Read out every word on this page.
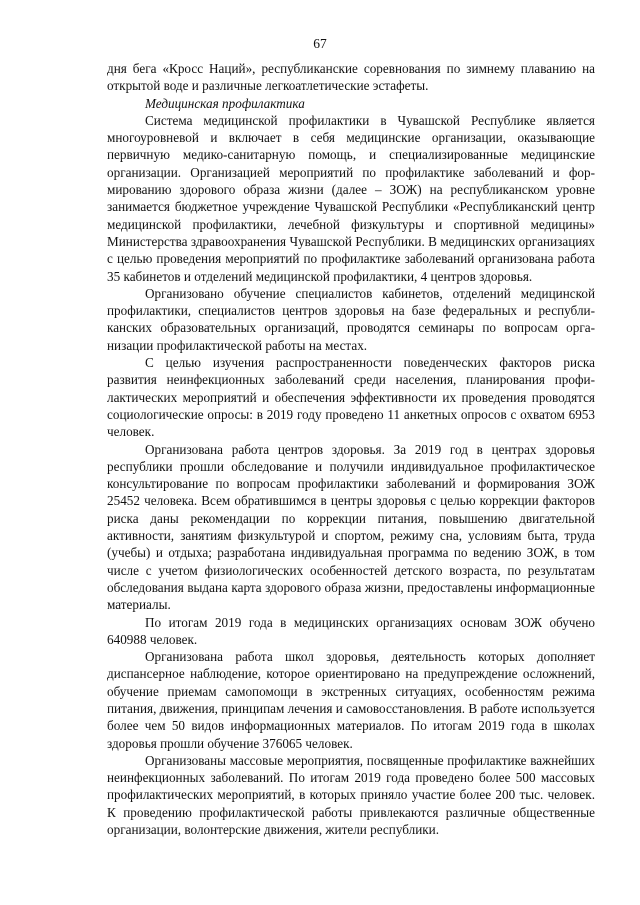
67

дня бега «Кросс Наций», республиканские соревнования по зимнему плаванию на открытой воде и различные легкоатлетические эстафеты.

Медицинская профилактика

Система медицинской профилактики в Чувашской Республике является многоуровневой и включает в себя медицинские организации, оказывающие первичную медико-санитарную помощь, и специализированные медицинские организации. Организацией мероприятий по профилактике заболеваний и формированию здорового образа жизни (далее – ЗОЖ) на республиканском уровне занимается бюджетное учреждение Чувашской Республики «Республиканский центр медицинской профилактики, лечебной физкультуры и спортивной медицины» Министерства здравоохранения Чувашской Республики. В медицинских организациях с целью проведения мероприятий по профилактике заболеваний организована работа 35 кабинетов и отделений медицинской профилактики, 4 центров здоровья.

Организовано обучение специалистов кабинетов, отделений медицинской профилактики, специалистов центров здоровья на базе федеральных и республиканских образовательных организаций, проводятся семинары по вопросам организации профилактической работы на местах.

С целью изучения распространенности поведенческих факторов риска развития неинфекционных заболеваний среди населения, планирования профилактических мероприятий и обеспечения эффективности их проведения проводятся социологические опросы: в 2019 году проведено 11 анкетных опросов с охватом 6953 человек.

Организована работа центров здоровья. За 2019 год в центрах здоровья республики прошли обследование и получили индивидуальное профилактическое консультирование по вопросам профилактики заболеваний и формирования ЗОЖ 25452 человека. Всем обратившимся в центры здоровья с целью коррекции факторов риска даны рекомендации по коррекции питания, повышению двигательной активности, занятиям физкультурой и спортом, режиму сна, условиям быта, труда (учебы) и отдыха; разработана индивидуальная программа по ведению ЗОЖ, в том числе с учетом физиологических особенностей детского возраста, по результатам обследования выдана карта здорового образа жизни, предоставлены информационные материалы.

По итогам 2019 года в медицинских организациях основам ЗОЖ обучено 640988 человек.

Организована работа школ здоровья, деятельность которых дополняет диспансерное наблюдение, которое ориентировано на предупреждение осложнений, обучение приемам самопомощи в экстренных ситуациях, особенностям режима питания, движения, принципам лечения и самовосстановления. В работе используется более чем 50 видов информационных материалов. По итогам 2019 года в школах здоровья прошли обучение 376065 человек.

Организованы массовые мероприятия, посвященные профилактике важнейших неинфекционных заболеваний. По итогам 2019 года проведено более 500 массовых профилактических мероприятий, в которых приняло участие более 200 тыс. человек. К проведению профилактической работы привлекаются различные общественные организации, волонтерские движения, жители республики.
